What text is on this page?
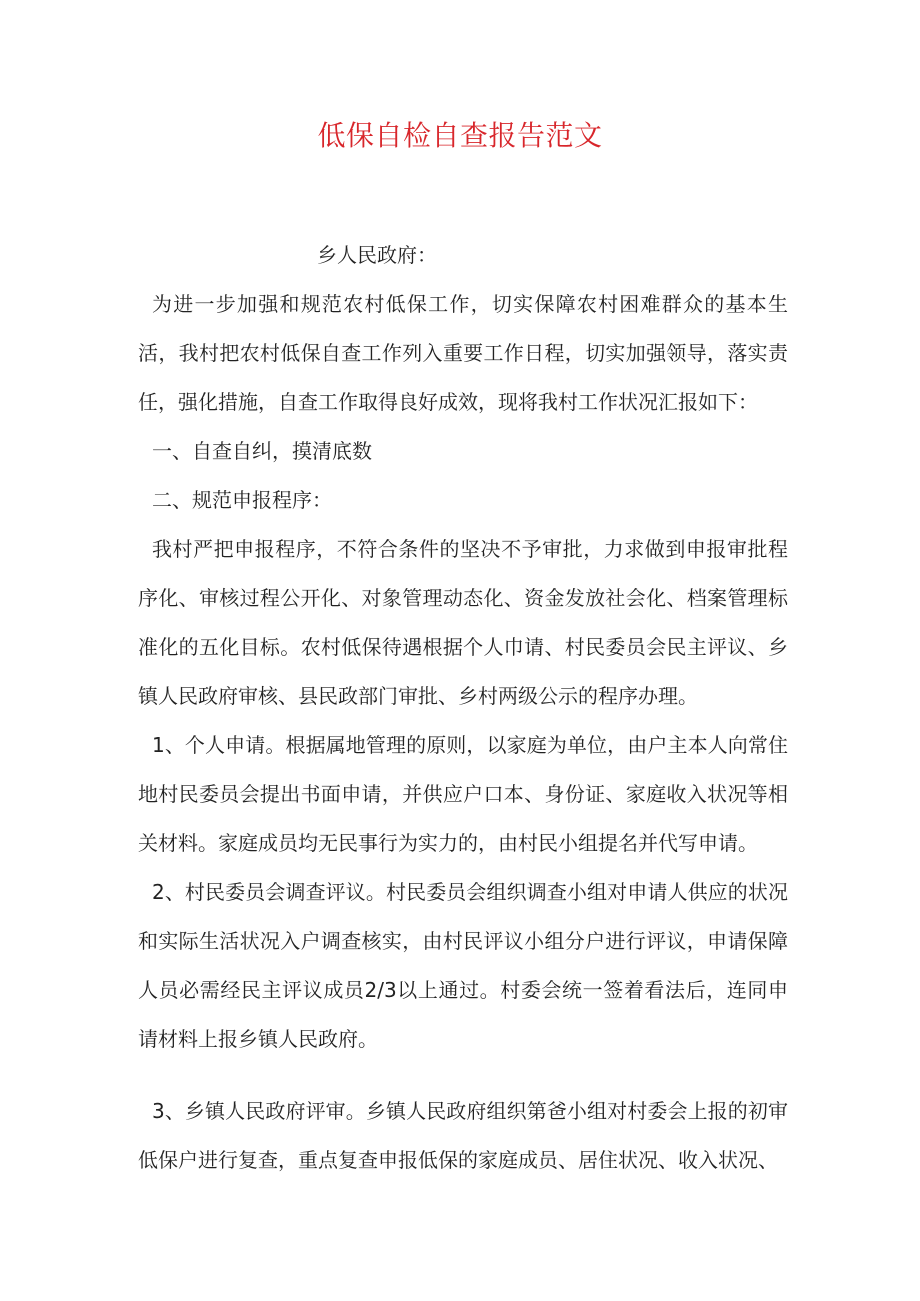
低保自检自查报告范文
乡人民政府：

为进一步加强和规范农村低保工作，切实保障农村困难群众的基本生活，我村把农村低保自查工作列入重要工作日程，切实加强领导，落实责任，强化措施，自查工作取得良好成效，现将我村工作状况汇报如下：

一、自查自纠，摸清底数

二、规范申报程序：

我村严把申报程序，不符合条件的坚决不予审批，力求做到申报审批程序化、审核过程公开化、对象管理动态化、资金发放社会化、档案管理标准化的五化目标。农村低保待遇根据个人巾请、村民委员会民主评议、乡镇人民政府审核、县民政部门审批、乡村两级公示的程序办理。

1、个人申请。根据属地管理的原则，以家庭为单位，由户主本人向常住地村民委员会提出书面申请，并供应户口本、身份证、家庭收入状况等相关材料。家庭成员均无民事行为实力的，由村民小组提名并代写申请。

2、村民委员会调查评议。村民委员会组织调查小组对申请人供应的状况和实际生活状况入户调查核实，由村民评议小组分户进行评议，申请保障人员必需经民主评议成员2/3以上通过。村委会统一签着看法后，连同申请材料上报乡镇人民政府。

3、乡镇人民政府评审。乡镇人民政府组织第爸小组对村委会上报的初审低保户进行复查，重点复查申报低保的家庭成员、居住状况、收入状况、
